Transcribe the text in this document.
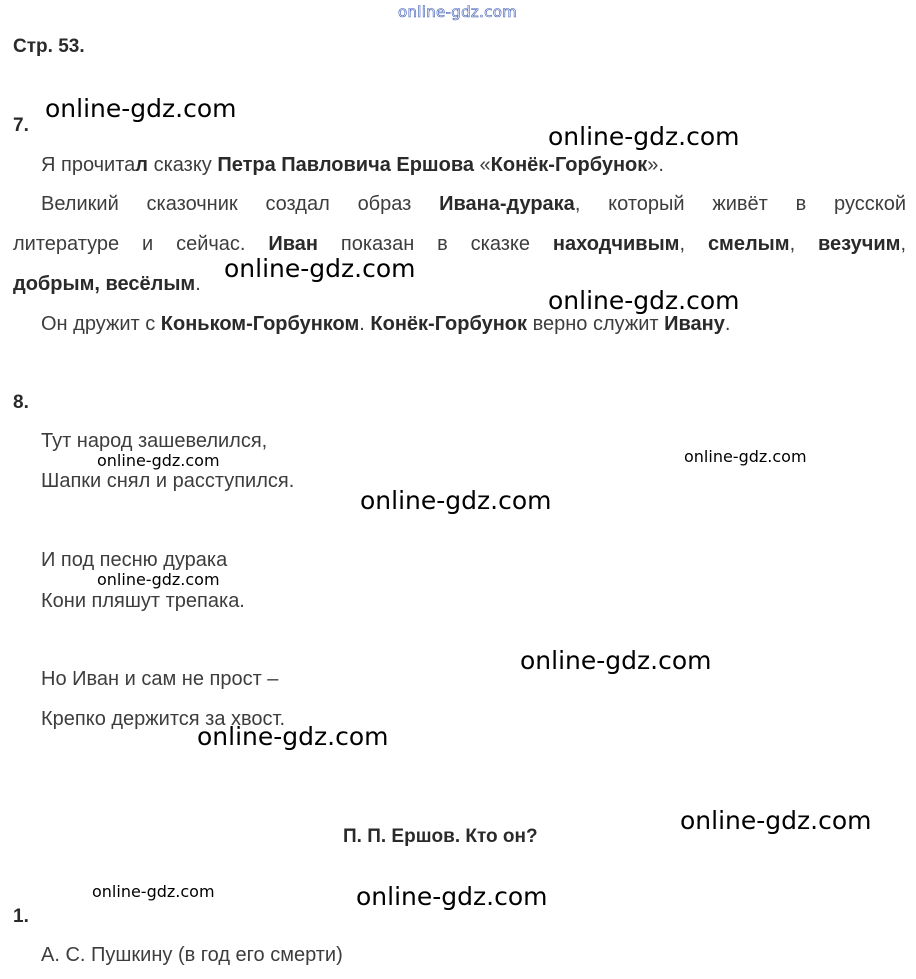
online-gdz.com
Стр. 53.
7.
Я прочитал сказку Петра Павловича Ершова «Конёк-Горбунок».
Великий сказочник создал образ Ивана-дурака, который живёт в русской
литературе и сейчас. Иван показан в сказке находчивым, смелым, везучим,
добрым, весёлым.
Он дружит с Коньком-Горбунком. Конёк-Горбунок верно служит Ивану.
8.
Тут народ зашевелился,
Шапки снял и расступился.
И под песню дурака
Кони пляшут трепака.
Но Иван и сам не прост –
Крепко держится за хвост.
П. П. Ершов. Кто он?
1.
А. С. Пушкину (в год его смерти)
online-gdz.com
online-gdz.com
online-gdz.com
online-gdz.com
online-gdz.com	online-gdz.com
online-gdz.com
online-gdz.com
online-gdz.com
online-gdz.com
online-gdz.com
online-gdz.com	online-gdz.com
